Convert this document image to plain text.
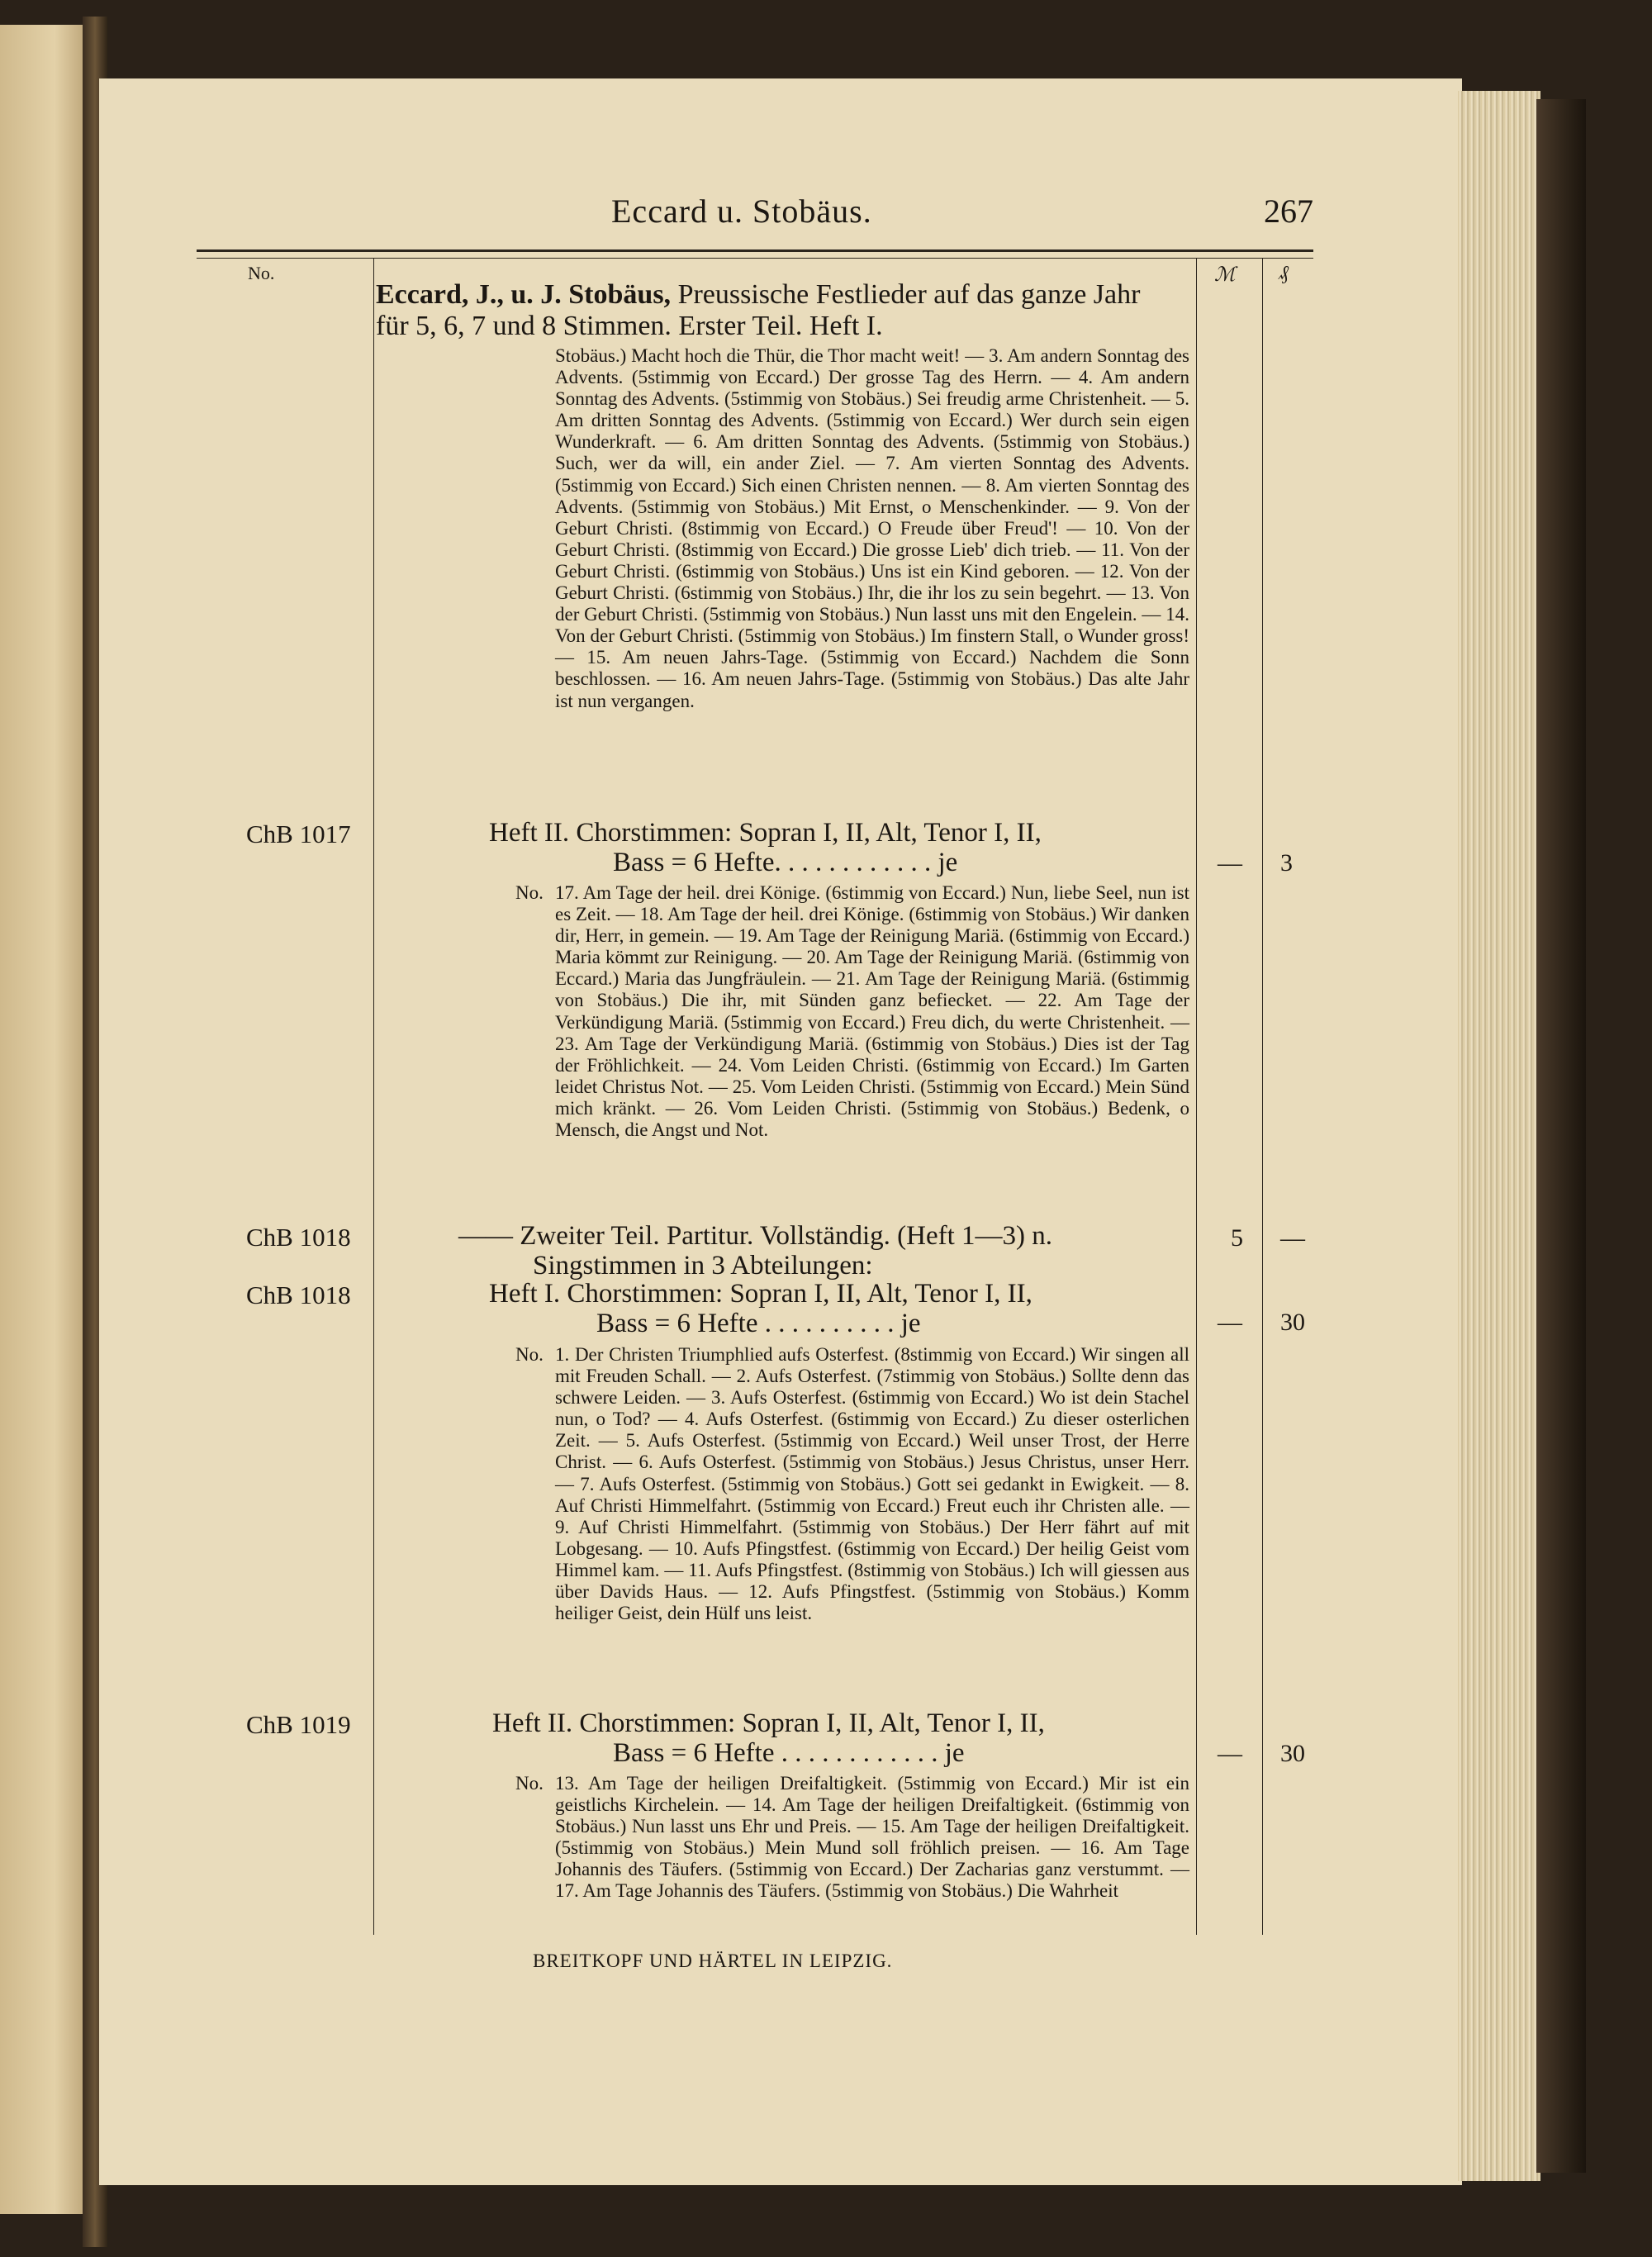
Eccard u. Stobäus.	267
No.	ℳ ₰
Eccard, J., u. J. Stobäus, Preussische Festlieder auf das ganze Jahr für 5, 6, 7 und 8 Stimmen. Erster Teil. Heft I.
Stobäus.) Macht hoch die Thür, die Thor macht weit! — 3. Am andern Sonntag des Advents. (5stimmig von Eccard.) Der grosse Tag des Herrn. — 4. Am andern Sonntag des Advents. (5stimmig von Stobäus.) Sei freudig arme Christenheit. — 5. Am dritten Sonntag des Advents. (5stimmig von Eccard.) Wer durch sein eigen Wunderkraft. — 6. Am dritten Sonntag des Advents. (5stimmig von Stobäus.) Such, wer da will, ein ander Ziel. — 7. Am vierten Sonntag des Advents. (5stimmig von Eccard.) Sich einen Christen nennen. — 8. Am vierten Sonntag des Advents. (5stimmig von Stobäus.) Mit Ernst, o Menschenkinder. — 9. Von der Geburt Christi. (8stimmig von Eccard.) O Freude über Freud'! — 10. Von der Geburt Christi. (8stimmig von Eccard.) Die grosse Lieb' dich trieb. — 11. Von der Geburt Christi. (6stimmig von Stobäus.) Uns ist ein Kind geboren. — 12. Von der Geburt Christi. (6stimmig von Stobäus.) Ihr, die ihr los zu sein begehrt. — 13. Von der Geburt Christi. (5stimmig von Stobäus.) Nun lasst uns mit den Engelein. — 14. Von der Geburt Christi. (5stimmig von Stobäus.) Im finstern Stall, o Wunder gross! — 15. Am neuen Jahrs-Tage. (5stimmig von Eccard.) Nachdem die Sonn beschlossen. — 16. Am neuen Jahrs-Tage. (5stimmig von Stobäus.) Das alte Jahr ist nun vergangen.
ChB 1017	Heft II. Chorstimmen: Sopran I, II, Alt, Tenor I, II,
Bass = 6 Hefte. . . . . . . . . . . . je	— 3
No. 17. Am Tage der heil. drei Könige. (6stimmig von Eccard.) Nun, liebe Seel, nun ist es Zeit. — 18. Am Tage der heil. drei Könige. (6stimmig von Stobäus.) Wir danken dir, Herr, in gemein. — 19. Am Tage der Reinigung Mariä. (6stimmig von Eccard.) Maria kömmt zur Reinigung. — 20. Am Tage der Reinigung Mariä. (6stimmig von Eccard.) Maria das Jungfräulein. — 21. Am Tage der Reinigung Mariä. (6stimmig von Stobäus.) Die ihr, mit Sünden ganz befiecket. — 22. Am Tage der Verkündigung Mariä. (5stimmig von Eccard.) Freu dich, du werte Christenheit. — 23. Am Tage der Verkündigung Mariä. (6stimmig von Stobäus.) Dies ist der Tag der Fröhlichkeit. — 24. Vom Leiden Christi. (6stimmig von Eccard.) Im Garten leidet Christus Not. — 25. Vom Leiden Christi. (5stimmig von Eccard.) Mein Sünd mich kränkt. — 26. Vom Leiden Christi. (5stimmig von Stobäus.) Bedenk, o Mensch, die Angst und Not.
ChB 1018	—— Zweiter Teil. Partitur. Vollständig. (Heft 1—3) n.
Singstimmen in 3 Abteilungen:
5 —
ChB 1018	Heft I. Chorstimmen: Sopran I, II, Alt, Tenor I, II,
Bass = 6 Hefte . . . . . . . . . . je	— 30
No. 1. Der Christen Triumphlied aufs Osterfest. (8stimmig von Eccard.) Wir singen all mit Freuden Schall. — 2. Aufs Osterfest. (7stimmig von Stobäus.) Sollte denn das schwere Leiden. — 3. Aufs Osterfest. (6stimmig von Eccard.) Wo ist dein Stachel nun, o Tod? — 4. Aufs Osterfest. (6stimmig von Eccard.) Zu dieser osterlichen Zeit. — 5. Aufs Osterfest. (5stimmig von Eccard.) Weil unser Trost, der Herre Christ. — 6. Aufs Osterfest. (5stimmig von Stobäus.) Jesus Christus, unser Herr. — 7. Aufs Osterfest. (5stimmig von Stobäus.) Gott sei gedankt in Ewigkeit. — 8. Auf Christi Himmelfahrt. (5stimmig von Eccard.) Freut euch ihr Christen alle. — 9. Auf Christi Himmelfahrt. (5stimmig von Stobäus.) Der Herr fährt auf mit Lobgesang. — 10. Aufs Pfingstfest. (6stimmig von Eccard.) Der heilig Geist vom Himmel kam. — 11. Aufs Pfingstfest. (8stimmig von Stobäus.) Ich will giessen aus über Davids Haus. — 12. Aufs Pfingstfest. (5stimmig von Stobäus.) Komm heiliger Geist, dein Hülf uns leist.
ChB 1019	Heft II. Chorstimmen: Sopran I, II, Alt, Tenor I, II,
Bass = 6 Hefte . . . . . . . . . . . . je	— 30
No. 13. Am Tage der heiligen Dreifaltigkeit. (5stimmig von Eccard.) Mir ist ein geistlichs Kirchelein. — 14. Am Tage der heiligen Dreifaltigkeit. (6stimmig von Stobäus.) Nun lasst uns Ehr und Preis. — 15. Am Tage der heiligen Dreifaltigkeit. (5stimmig von Stobäus.) Mein Mund soll fröhlich preisen. — 16. Am Tage Johannis des Täufers. (5stimmig von Eccard.) Der Zacharias ganz verstummt. — 17. Am Tage Johannis des Täufers. (5stimmig von Stobäus.) Die Wahrheit
BREITKOPF UND HÄRTEL IN LEIPZIG.
